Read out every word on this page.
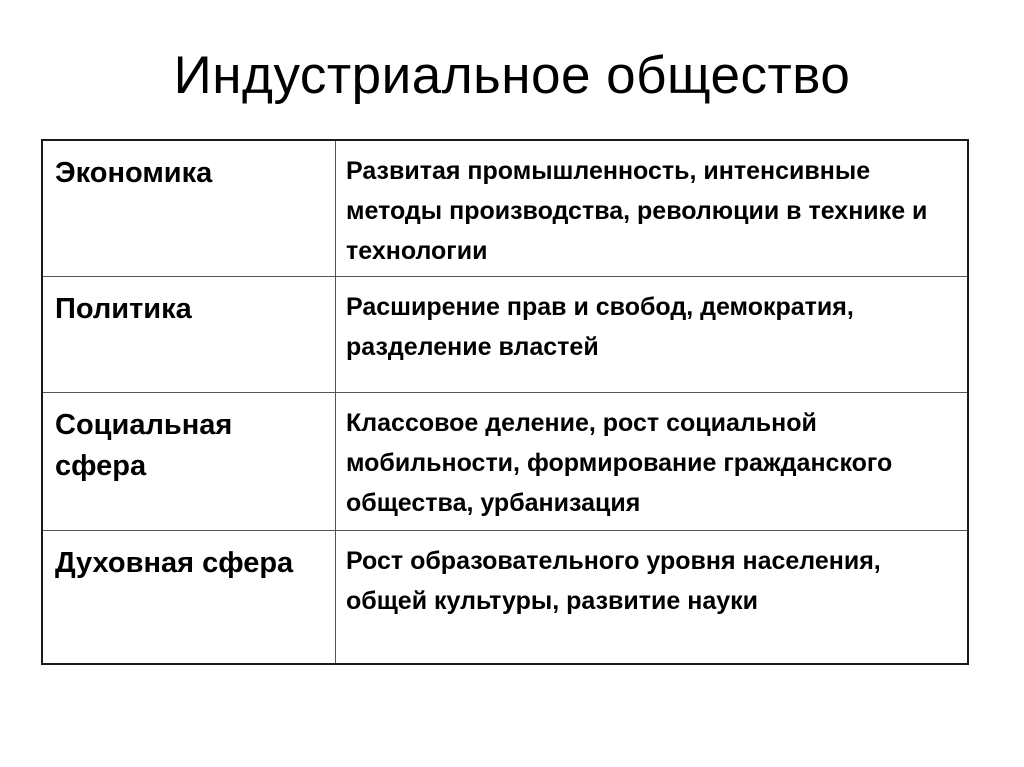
Индустриальное общество
Экономика	Развитая промышленность, интенсивные методы производства, революции в технике и технологии
Политика	Расширение прав и свобод, демократия, разделение властей
Социальная сфера	Классовое деление, рост социальной мобильности, формирование гражданского общества, урбанизация
Духовная сфера	Рост образовательного уровня населения, общей культуры, развитие науки
